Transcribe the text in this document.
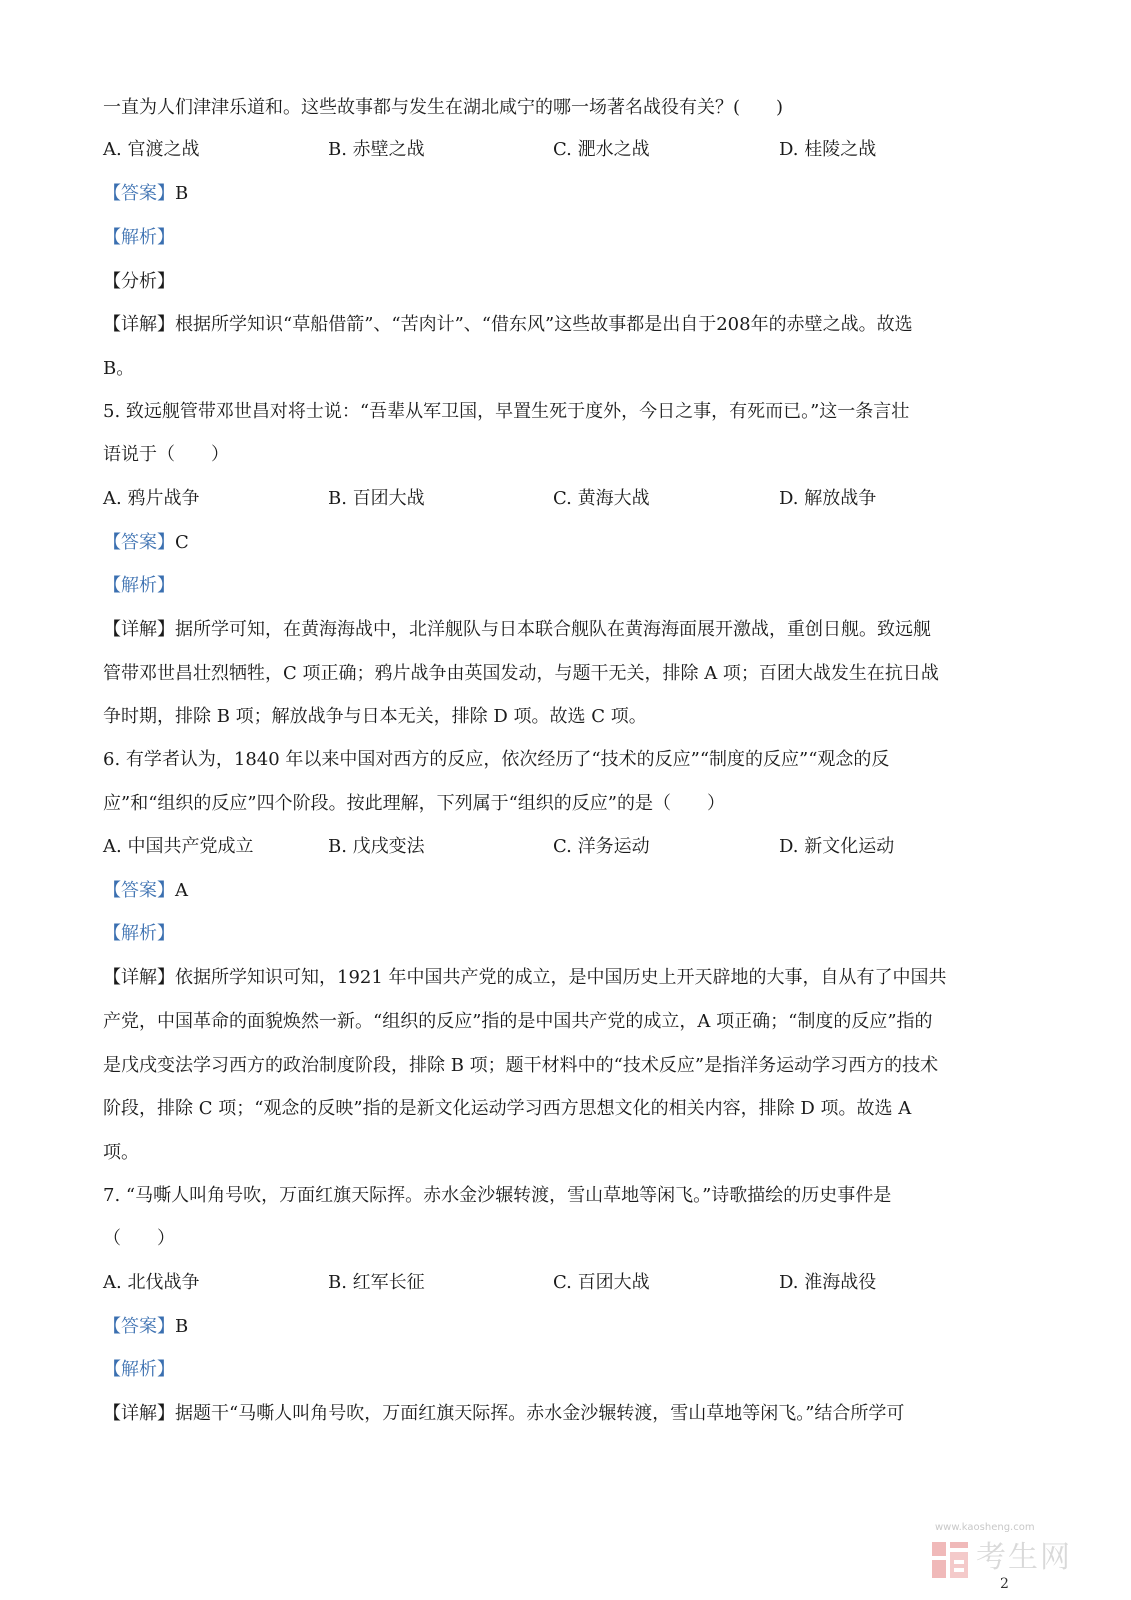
一直为人们津津乐道和。这些故事都与发生在湖北咸宁的哪一场著名战役有关？(　　)
A. 官渡之战	B. 赤壁之战	C. 淝水之战	D. 桂陵之战
【答案】B
【解析】
【分析】
【详解】根据所学知识“草船借箭”、“苦肉计”、“借东风”这些故事都是出自于208年的赤壁之战。故选
B。
5. 致远舰管带邓世昌对将士说：“吾辈从军卫国，早置生死于度外，今日之事，有死而已。”这一条言壮
语说于（　　）
A. 鸦片战争	B. 百团大战	C. 黄海大战	D. 解放战争
【答案】C
【解析】
【详解】据所学可知，在黄海海战中，北洋舰队与日本联合舰队在黄海海面展开激战，重创日舰。致远舰
管带邓世昌壮烈牺牲，C 项正确；鸦片战争由英国发动，与题干无关，排除 A 项；百团大战发生在抗日战
争时期，排除 B 项；解放战争与日本无关，排除 D 项。故选 C 项。
6. 有学者认为，1840 年以来中国对西方的反应，依次经历了“技术的反应”“制度的反应”“观念的反
应”和“组织的反应”四个阶段。按此理解，下列属于“组织的反应”的是（　　）
A. 中国共产党成立	B. 戊戌变法	C. 洋务运动	D. 新文化运动
【答案】A
【解析】
【详解】依据所学知识可知，1921 年中国共产党的成立，是中国历史上开天辟地的大事，自从有了中国共
产党，中国革命的面貌焕然一新。“组织的反应”指的是中国共产党的成立，A 项正确；“制度的反应”指的
是戊戌变法学习西方的政治制度阶段，排除 B 项；题干材料中的“技术反应”是指洋务运动学习西方的技术
阶段，排除 C 项；“观念的反映”指的是新文化运动学习西方思想文化的相关内容，排除 D 项。故选 A
项。
7. “马嘶人叫角号吹，万面红旗天际挥。赤水金沙辗转渡，雪山草地等闲飞。”诗歌描绘的历史事件是
（　　）
A. 北伐战争	B. 红军长征	C. 百团大战	D. 淮海战役
【答案】B
【解析】
【详解】据题干“马嘶人叫角号吹，万面红旗天际挥。赤水金沙辗转渡，雪山草地等闲飞。”结合所学可
www.kaosheng.com
考生网
2
